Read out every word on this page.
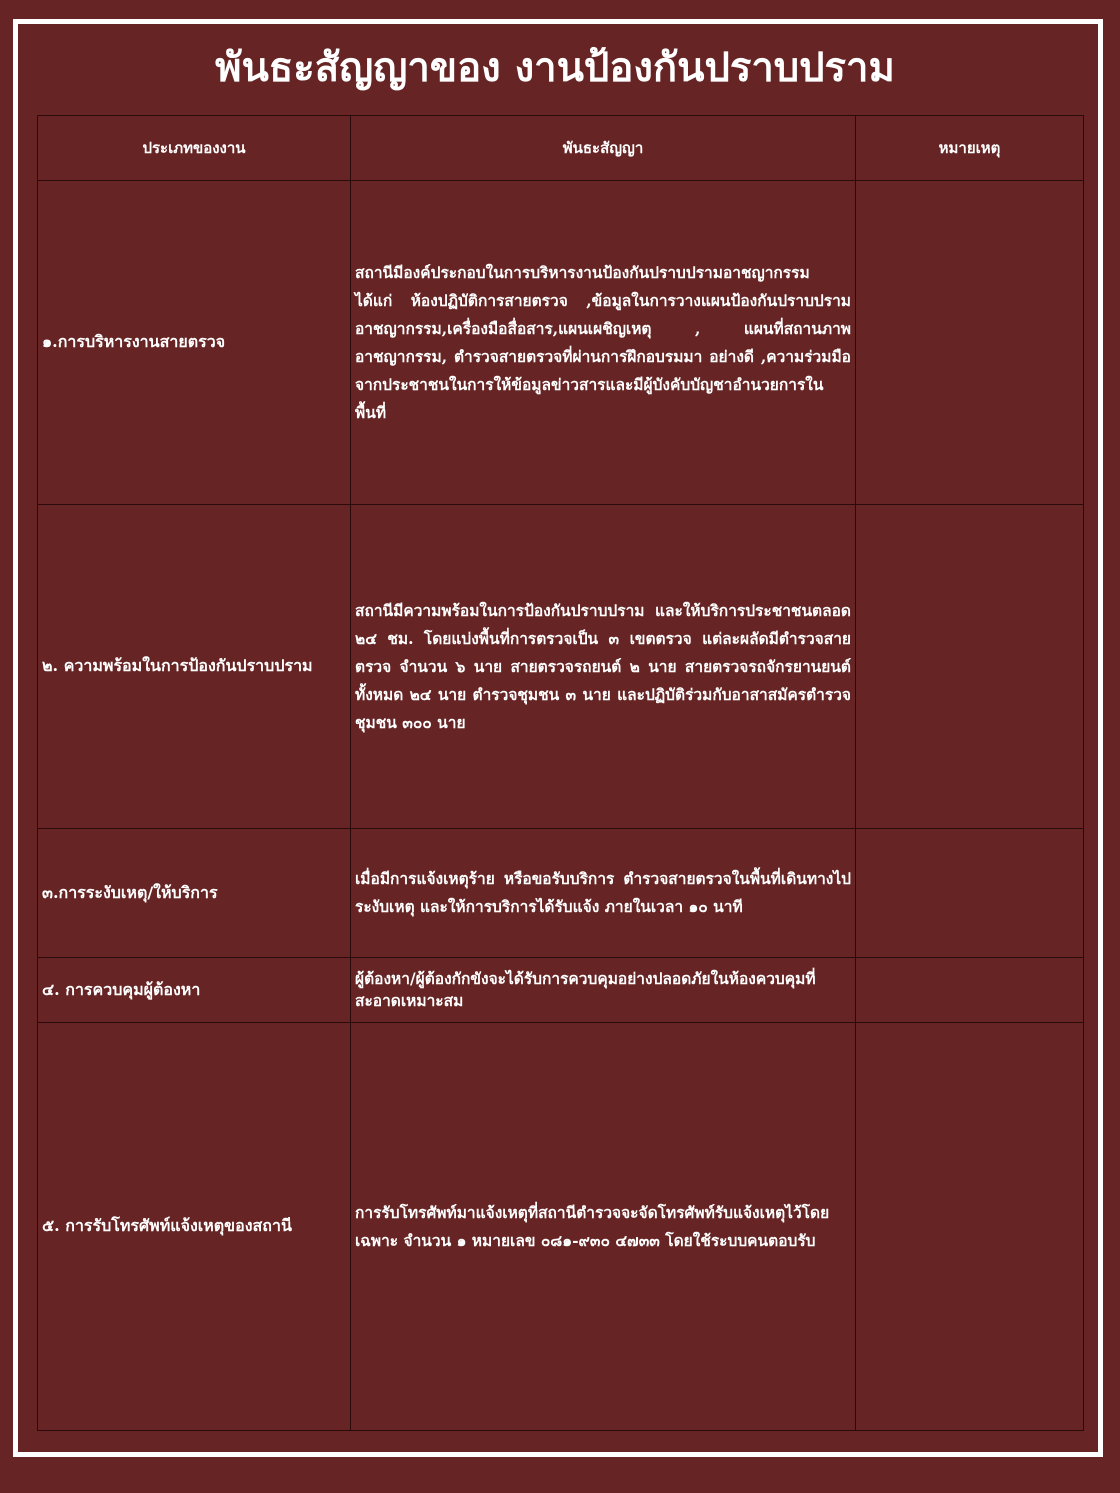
พันธะสัญญาของ งานป้องกันปราบปราม
ประเภทของงาน	พันธะสัญญา	หมายเหตุ
๑.การบริหารงานสายตรวจ	สถานีมีองค์ประกอบในการบริหารงานป้องกันปราบปรามอาชญากรรม ได้แก่ ห้องปฏิบัติการสายตรวจ ,ข้อมูลในการวางแผนป้องกันปราบปรามอาชญากรรม,เครื่องมือสื่อสาร,แผนเผชิญเหตุ , แผนที่สถานภาพอาชญากรรม, ตำรวจสายตรวจที่ผ่านการฝึกอบรมมา อย่างดี ,ความร่วมมือจากประชาชนในการให้ข้อมูลข่าวสารและมีผู้บังคับบัญชาอำนวยการในพื้นที่	
๒. ความพร้อมในการป้องกันปราบปราม	สถานีมีความพร้อมในการป้องกันปราบปราม และให้บริการประชาชนตลอด ๒๔ ชม. โดยแบ่งพื้นที่การตรวจเป็น ๓ เขตตรวจ แต่ละผลัดมีตำรวจสายตรวจ จำนวน ๖ นาย สายตรวจรถยนต์ ๒ นาย สายตรวจรถจักรยานยนต์ทั้งหมด ๒๔ นาย ตำรวจชุมชน ๓ นาย และปฏิบัติร่วมกับอาสาสมัครตำรวจชุมชน ๓๐๐ นาย	
๓.การระงับเหตุ/ให้บริการ	เมื่อมีการแจ้งเหตุร้าย หรือขอรับบริการ ตำรวจสายตรวจในพื้นที่เดินทางไประงับเหตุ และให้การบริการได้รับแจ้ง ภายในเวลา ๑๐ นาที	
๔. การควบคุมผู้ต้องหา	ผู้ต้องหา/ผู้ต้องกักขังจะได้รับการควบคุมอย่างปลอดภัยในห้องควบคุมที่สะอาดเหมาะสม	
๕. การรับโทรศัพท์แจ้งเหตุของสถานี	การรับโทรศัพท์มาแจ้งเหตุที่สถานีตำรวจจะจัดโทรศัพท์รับแจ้งเหตุไว้โดยเฉพาะ จำนวน ๑ หมายเลข ๐๘๑-๙๓๐ ๔๗๓๓ โดยใช้ระบบคนตอบรับ	
